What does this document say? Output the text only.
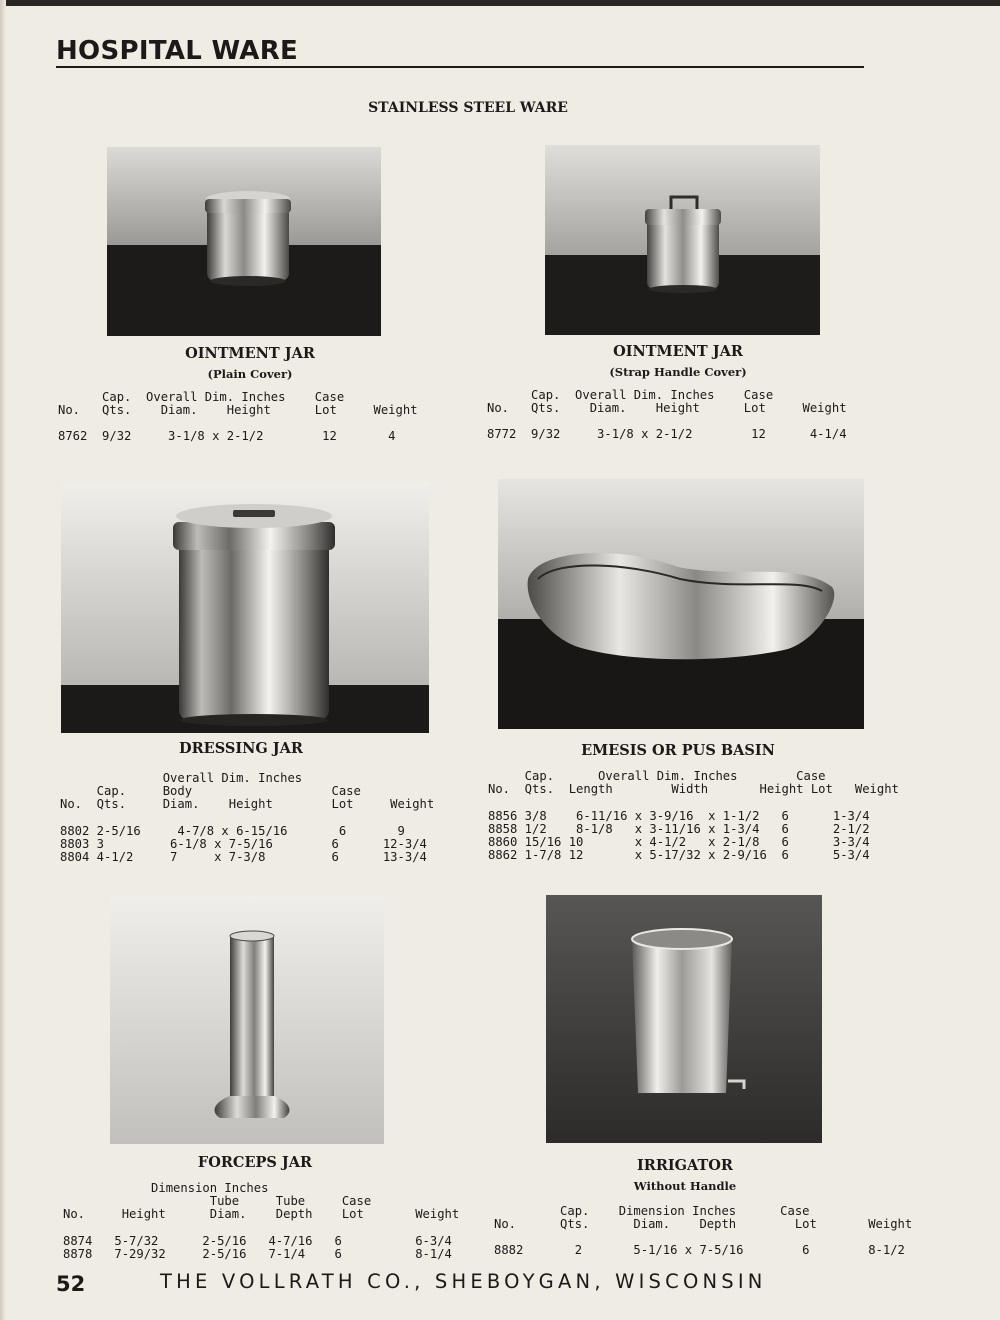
HOSPITAL WARE
STAINLESS STEEL WARE
OINTMENT JAR
(Plain Cover)
Cap.  Overall Dim. Inches    Case
No.   Qts.    Diam.    Height      Lot     Weight
8762  9/32     3-1/8 x 2-1/2        12       4
OINTMENT JAR
(Strap Handle Cover)
Cap.  Overall Dim. Inches    Case
No.   Qts.    Diam.    Height      Lot     Weight
8772  9/32     3-1/8 x 2-1/2        12      4-1/4
DRESSING JAR
Overall Dim. Inches
Cap.     Body                   Case
No.  Qts.     Diam.    Height        Lot     Weight
8802 2-5/16     4-7/8 x 6-15/16       6       9
8803 3         6-1/8 x 7-5/16        6      12-3/4
8804 4-1/2     7     x 7-3/8         6      13-3/4
EMESIS OR PUS BASIN
Cap.      Overall Dim. Inches        Case
No.  Qts.  Length        Width       Height Lot   Weight
8856 3/8    6-11/16 x 3-9/16  x 1-1/2   6      1-3/4
8858 1/2    8-1/8   x 3-11/16 x 1-3/4   6      2-1/2
8860 15/16 10       x 4-1/2   x 2-1/8   6      3-3/4
8862 1-7/8 12       x 5-17/32 x 2-9/16  6      5-3/4
FORCEPS JAR
Dimension Inches
Tube     Tube     Case
No.     Height      Diam.    Depth    Lot       Weight
8874   5-7/32      2-5/16   4-7/16   6          6-3/4
8878   7-29/32     2-5/16   7-1/4    6          8-1/4
IRRIGATOR
Without Handle
Cap.    Dimension Inches      Case
No.      Qts.      Diam.    Depth        Lot       Weight
8882       2       5-1/16 x 7-5/16        6        8-1/2
52	THE VOLLRATH CO., SHEBOYGAN, WISCONSIN
